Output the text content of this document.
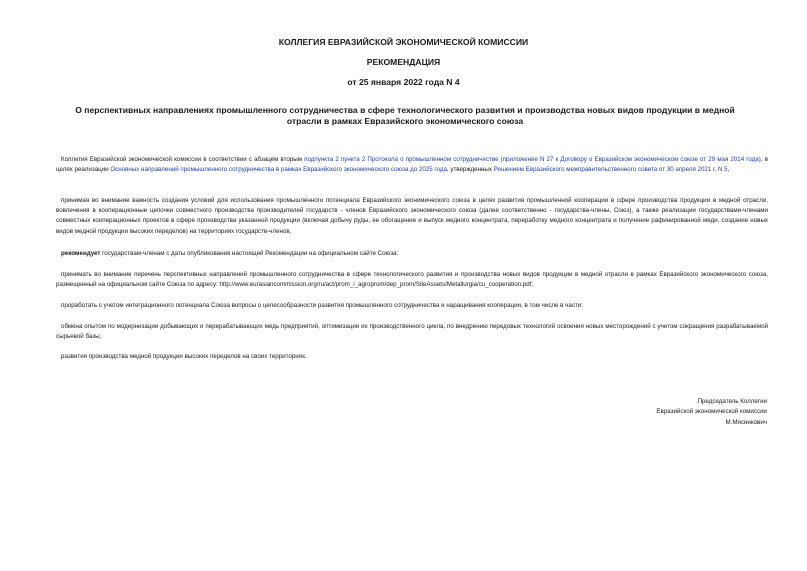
КОЛЛЕГИЯ ЕВРАЗИЙСКОЙ ЭКОНОМИЧЕСКОЙ КОМИССИИ
РЕКОМЕНДАЦИЯ
от 25 января 2022 года N 4
О перспективных направлениях промышленного сотрудничества в сфере технологического развития и производства новых видов продукции в медной отрасли в рамках Евразийского экономического союза
Коллегия Евразийской экономической комиссии в соответствии с абзацем вторым подпункта 2 пункта 2 Протокола о промышленном сотрудничестве (приложение N 27 к Договору о Евразийском экономическом союзе от 29 мая 2014 года), в целях реализации Основных направлений промышленного сотрудничества в рамках Евразийского экономического союза до 2025 года, утвержденных Решением Евразийского межправительственного совета от 30 апреля 2021 г. N 5,
принимая во внимание важность создания условий для использования промышленного потенциала Евразийского экономического союза в целях развития промышленной кооперации в сфере производства продукции в медной отрасли, вовлечения в кооперационные цепочки совместного производства производителей государств - членов Евразийского экономического союза (далее соответственно - государства-члены, Союз), а также реализации государствами-членами совместных кооперационных проектов в сфере производства указанной продукции (включая добычу руды, ее обогащение и выпуск медного концентрата, переработку медного концентрата и получение рафинированной меди, создание новых видов медной продукции высоких переделов) на территориях государств-членов,
рекомендует государствам-членам с даты опубликования настоящей Рекомендации на официальном сайте Союза:
принимать во внимание перечень перспективных направлений промышленного сотрудничества в сфере технологического развития и производства новых видов продукции в медной отрасли в рамках Евразийского экономического союза, размещенный на официальном сайте Союза по адресу: http://www.eurasiancommission.org/ru/act/prom_i_agroprom/dep_prom/SiteAssets/Metallurgia/cu_cooperation.pdf;
проработать с учетом интеграционного потенциала Союза вопросы о целесообразности развития промышленного сотрудничества и наращивания кооперации, в том числе в части:
обмена опытом по модернизации добывающих и перерабатывающих медь предприятий, оптимизации их производственного цикла, по внедрению передовых технологий освоения новых месторождений с учетом сокращения разрабатываемой сырьевой базы;
развития производства медной продукции высоких переделов на своих территориях.
Председатель Коллегии
Евразийской экономической комиссии
М.Мясникович
